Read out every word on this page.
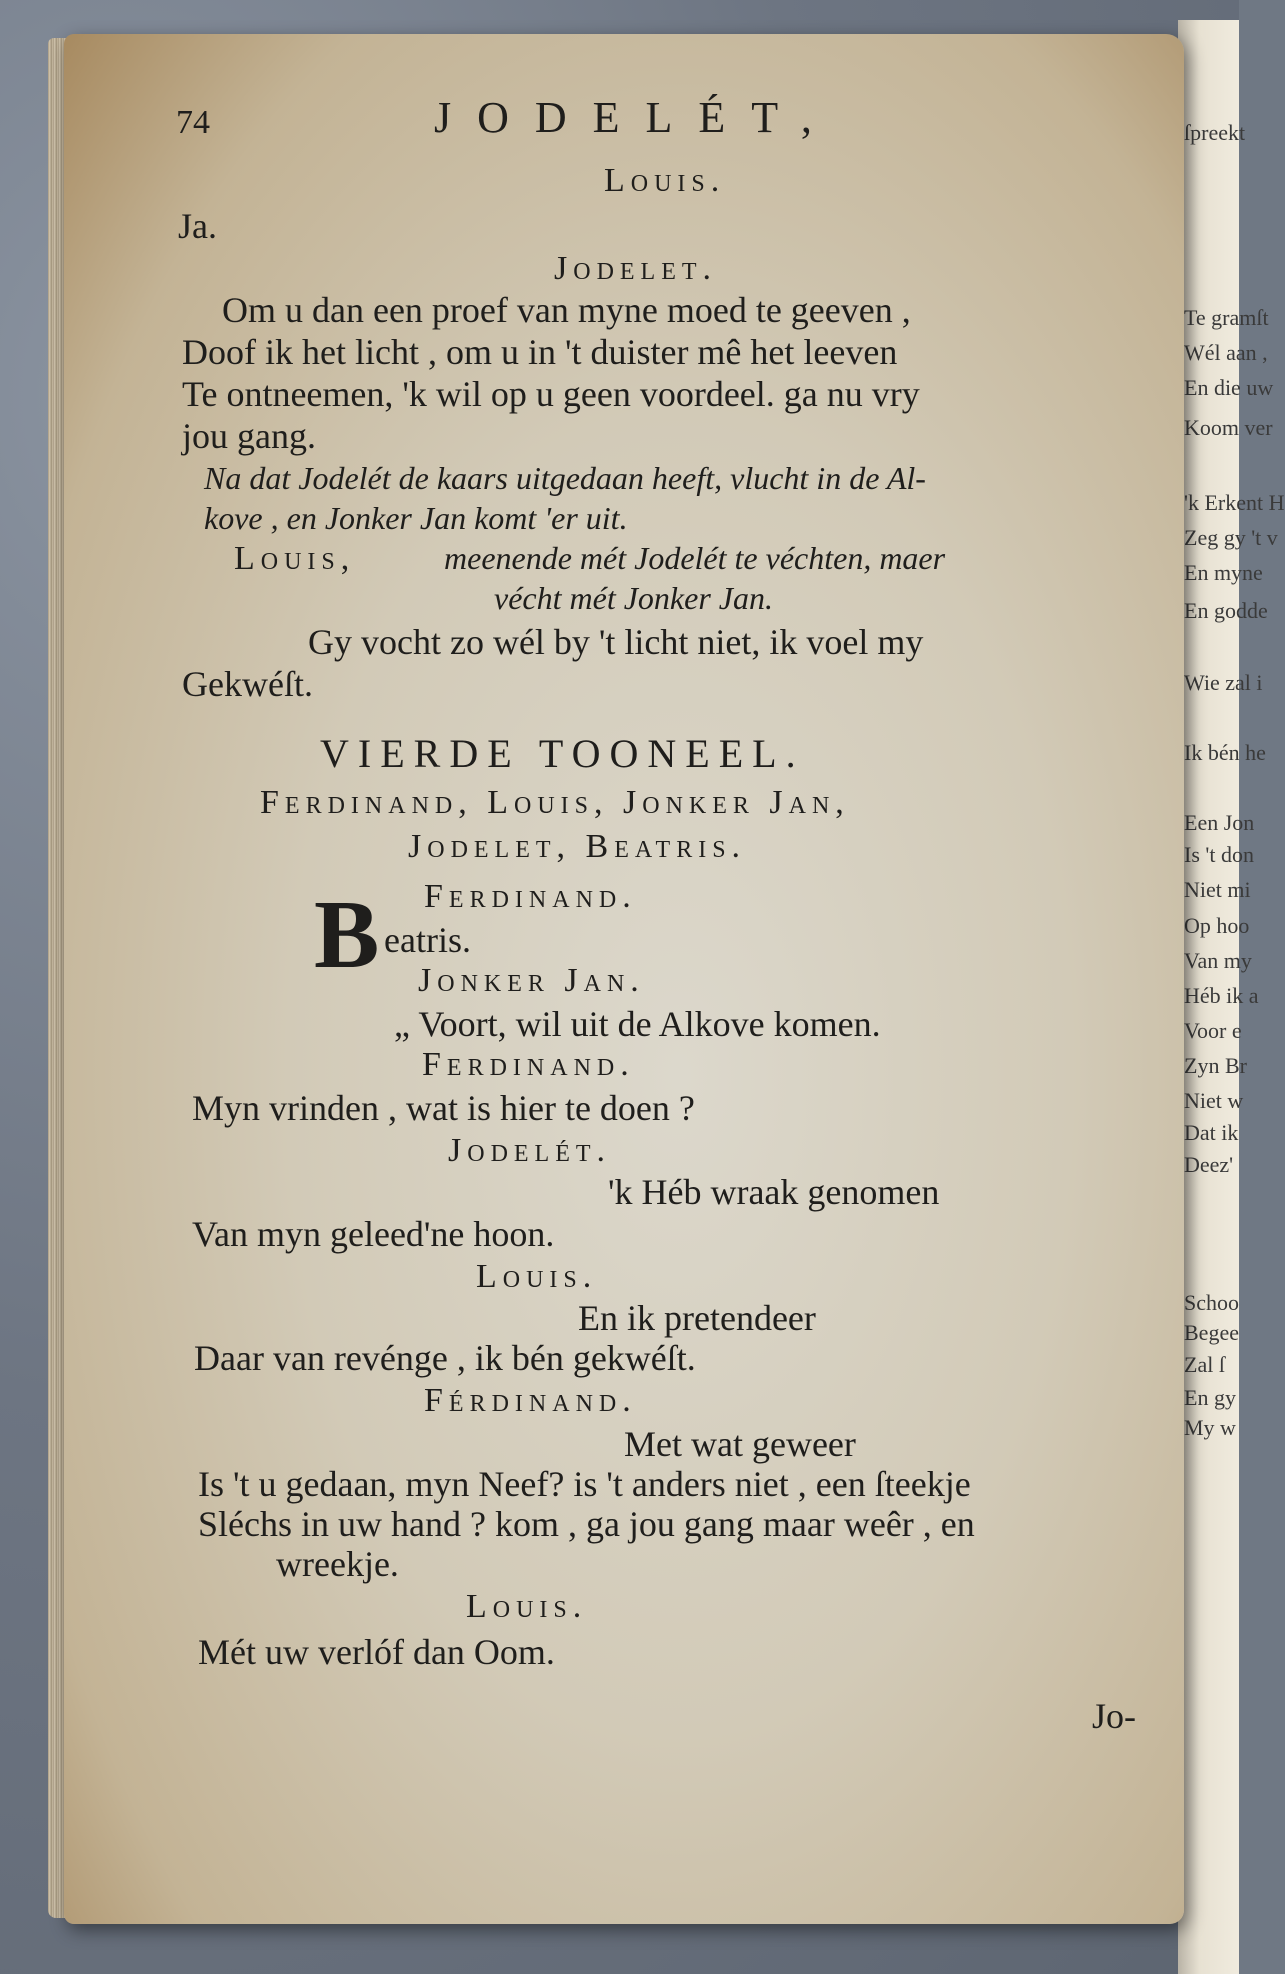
ſpreekt
Te gramſt
Wél aan ,
En die uw
Koom ver
'k Erkent H
Zeg gy 't v
En myne
En godde
Wie zal i
Ik bén he
Een Jon
Is 't don
Niet mi
Op hoo
Van my
Héb ik a
Voor e
Zyn Br
Niet w
Dat ik
Deez'
Schoo
Begee
Zal ſ
En gy
My w
74	JODELÉT,
Louis.
Ja.
Jodelet.
Om u dan een proef van myne moed te geeven ,
Doof ik het licht , om u in 't duister mê het leeven
Te ontneemen, 'k wil op u geen voordeel. ga nu vry
jou gang.
Na dat Jodelét de kaars uitgedaan heeft, vlucht in de Al-
kove , en Jonker Jan komt 'er uit.
Louis,	meenende mét Jodelét te véchten, maer
vécht mét Jonker Jan.
Gy vocht zo wél by 't licht niet, ik voel my
Gekwéſt.
VIERDE TOONEEL.
Ferdinand, Louis, Jonker Jan,
Jodelet, Beatris.
Ferdinand.
B eatris.
Jonker Jan.
„ Voort, wil uit de Alkove komen.
Ferdinand.
Myn vrinden , wat is hier te doen ?
Jodelét.
'k Héb wraak genomen
Van myn geleed'ne hoon.
Louis.
En ik pretendeer
Daar van revénge , ik bén gekwéſt.
Férdinand.
Met wat geweer
Is 't u gedaan, myn Neef? is 't anders niet , een ſteekje
Sléchs in uw hand ? kom , ga jou gang maar weêr , en
wreekje.
Louis.
Mét uw verlóf dan Oom.
Jo-
